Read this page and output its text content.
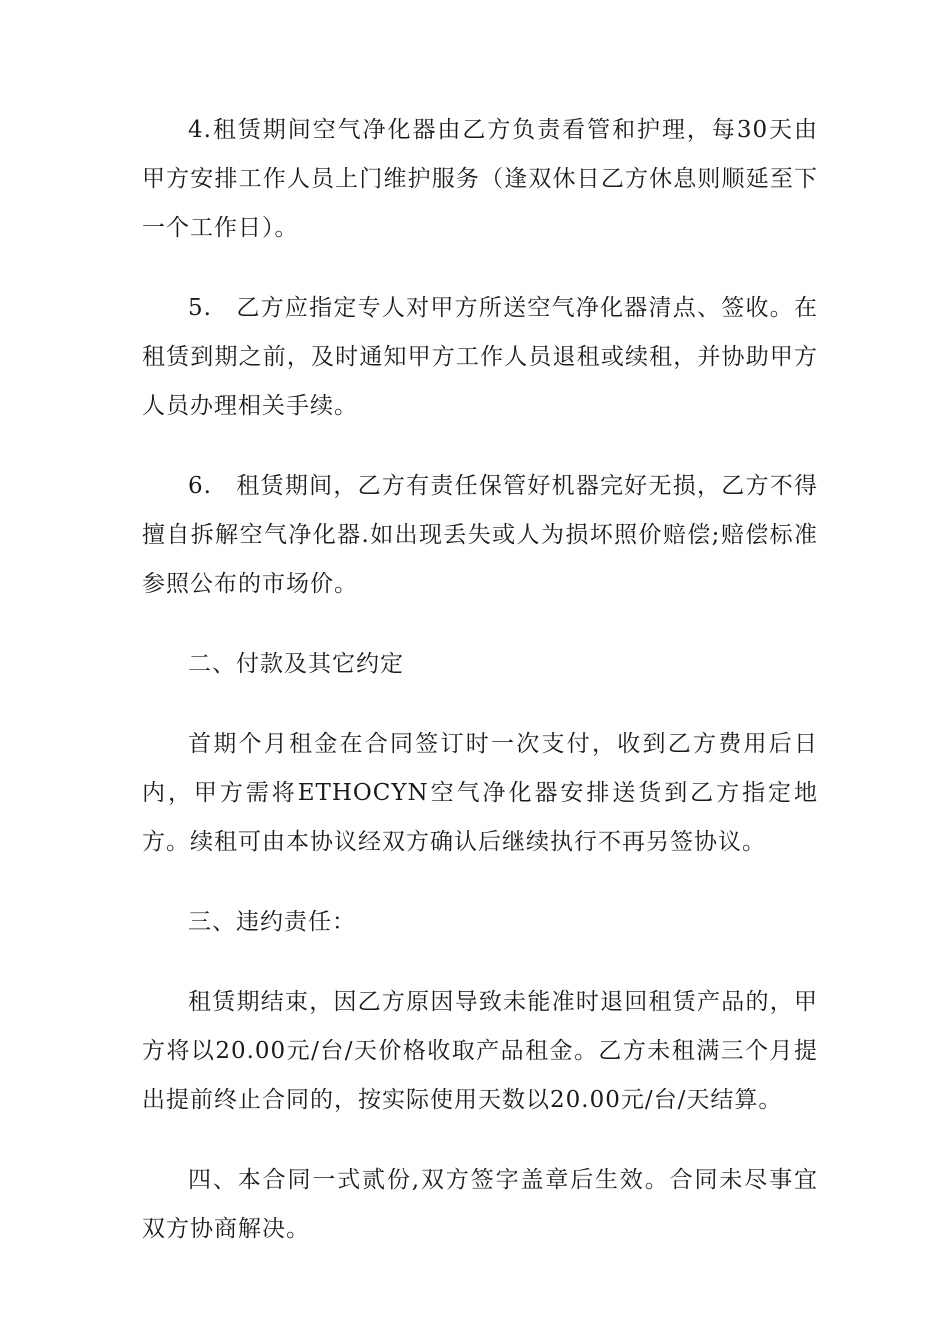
4.租赁期间空气净化器由乙方负责看管和护理，每30天由甲方安排工作人员上门维护服务（逢双休日乙方休息则顺延至下一个工作日）。

5.　乙方应指定专人对甲方所送空气净化器清点、签收。在租赁到期之前，及时通知甲方工作人员退租或续租，并协助甲方人员办理相关手续。

6.　租赁期间，乙方有责任保管好机器完好无损，乙方不得擅自拆解空气净化器.如出现丢失或人为损坏照价赔偿;赔偿标准参照公布的市场价。

二、付款及其它约定

首期个月租金在合同签订时一次支付，收到乙方费用后日内，甲方需将ETHOCYN空气净化器安排送货到乙方指定地方。续租可由本协议经双方确认后继续执行不再另签协议。

三、违约责任：

租赁期结束，因乙方原因导致未能准时退回租赁产品的，甲方将以20.00元/台/天价格收取产品租金。乙方未租满三个月提出提前终止合同的，按实际使用天数以20.00元/台/天结算。

四、本合同一式贰份,双方签字盖章后生效。合同未尽事宜双方协商解决。
